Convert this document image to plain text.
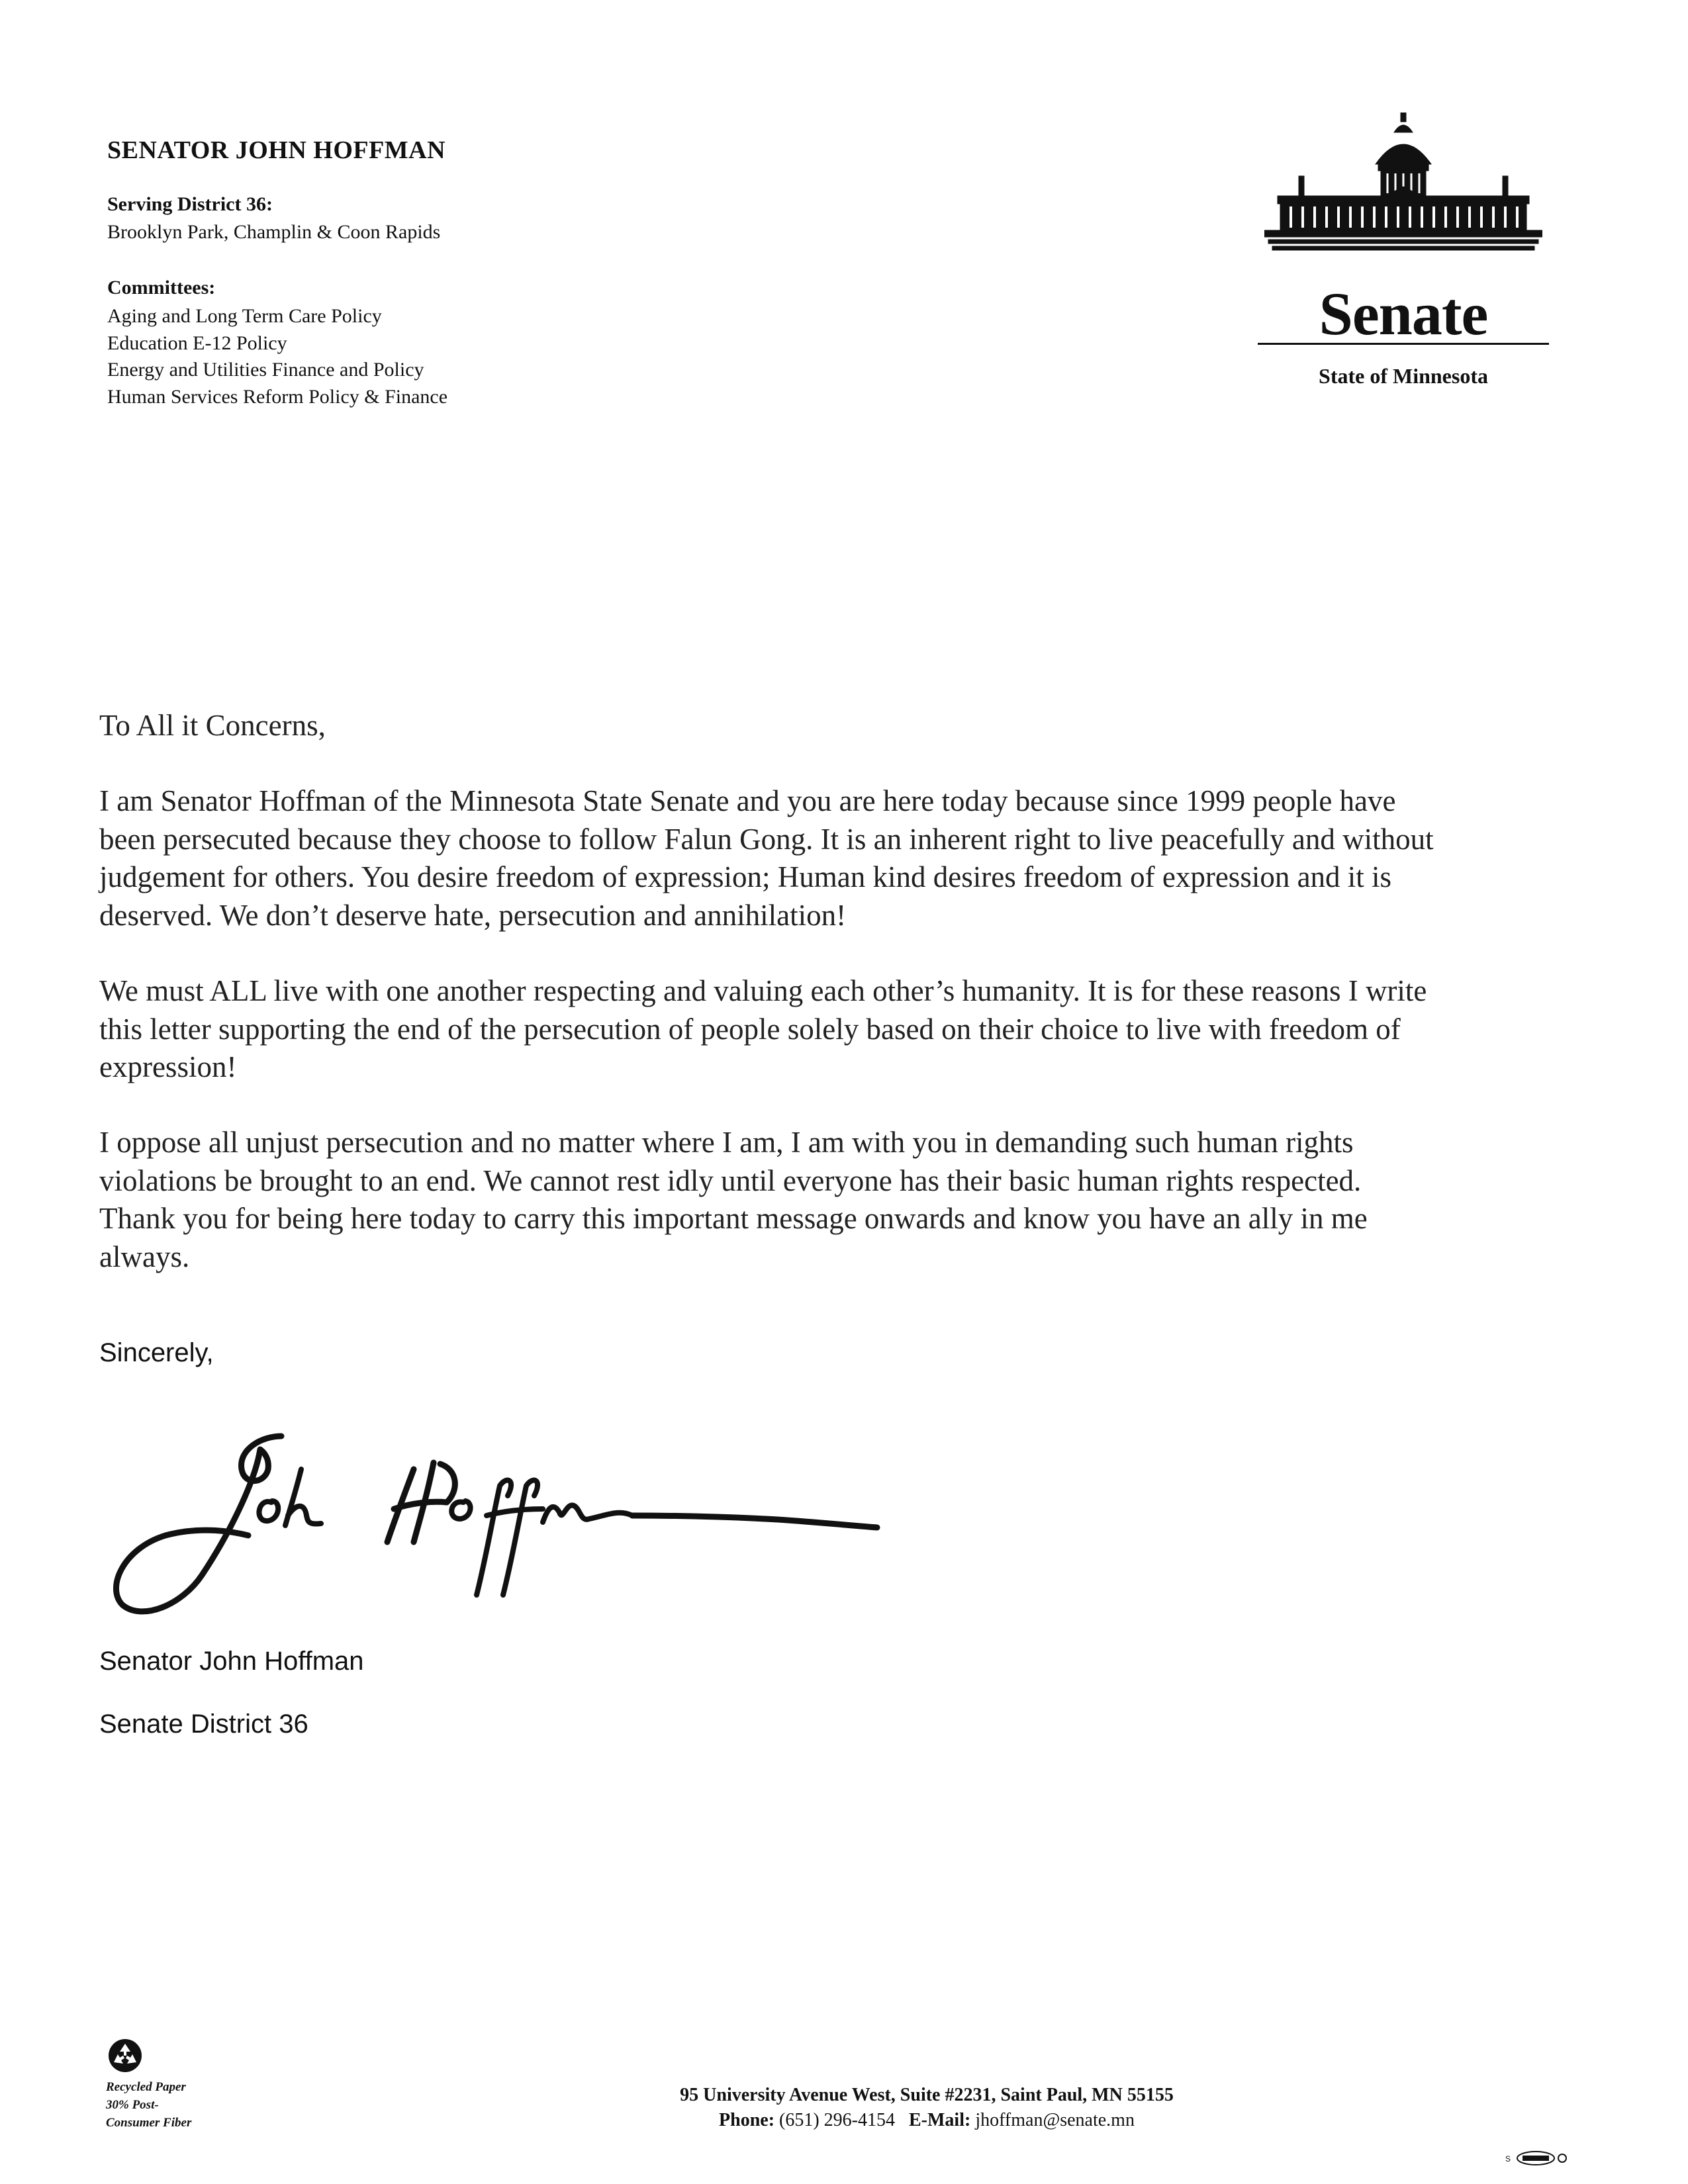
SENATOR JOHN HOFFMAN
Serving District 36:
Brooklyn Park, Champlin & Coon Rapids
Committees:
Aging and Long Term Care Policy
Education E-12 Policy
Energy and Utilities Finance and Policy
Human Services Reform Policy & Finance
Senate
State of Minnesota
To All it Concerns,
I am Senator Hoffman of the Minnesota State Senate and you are here today because since 1999 people have
been persecuted because they choose to follow Falun Gong. It is an inherent right to live peacefully and without
judgement for others. You desire freedom of expression; Human kind desires freedom of expression and it is
deserved. We don’t deserve hate, persecution and annihilation!
We must ALL live with one another respecting and valuing each other’s humanity. It is for these reasons I write
this letter supporting the end of the persecution of people solely based on their choice to live with freedom of
expression!
I oppose all unjust persecution and no matter where I am, I am with you in demanding such human rights
violations be brought to an end. We cannot rest idly until everyone has their basic human rights respected.
Thank you for being here today to carry this important message onwards and know you have an ally in me
always.
Sincerely,
Senator John Hoffman
Senate District 36
Recycled Paper
30% Post-
Consumer Fiber
95 University Avenue West, Suite #2231, Saint Paul, MN 55155
Phone: (651) 296-4154 E-Mail: jhoffman@senate.mn
S
